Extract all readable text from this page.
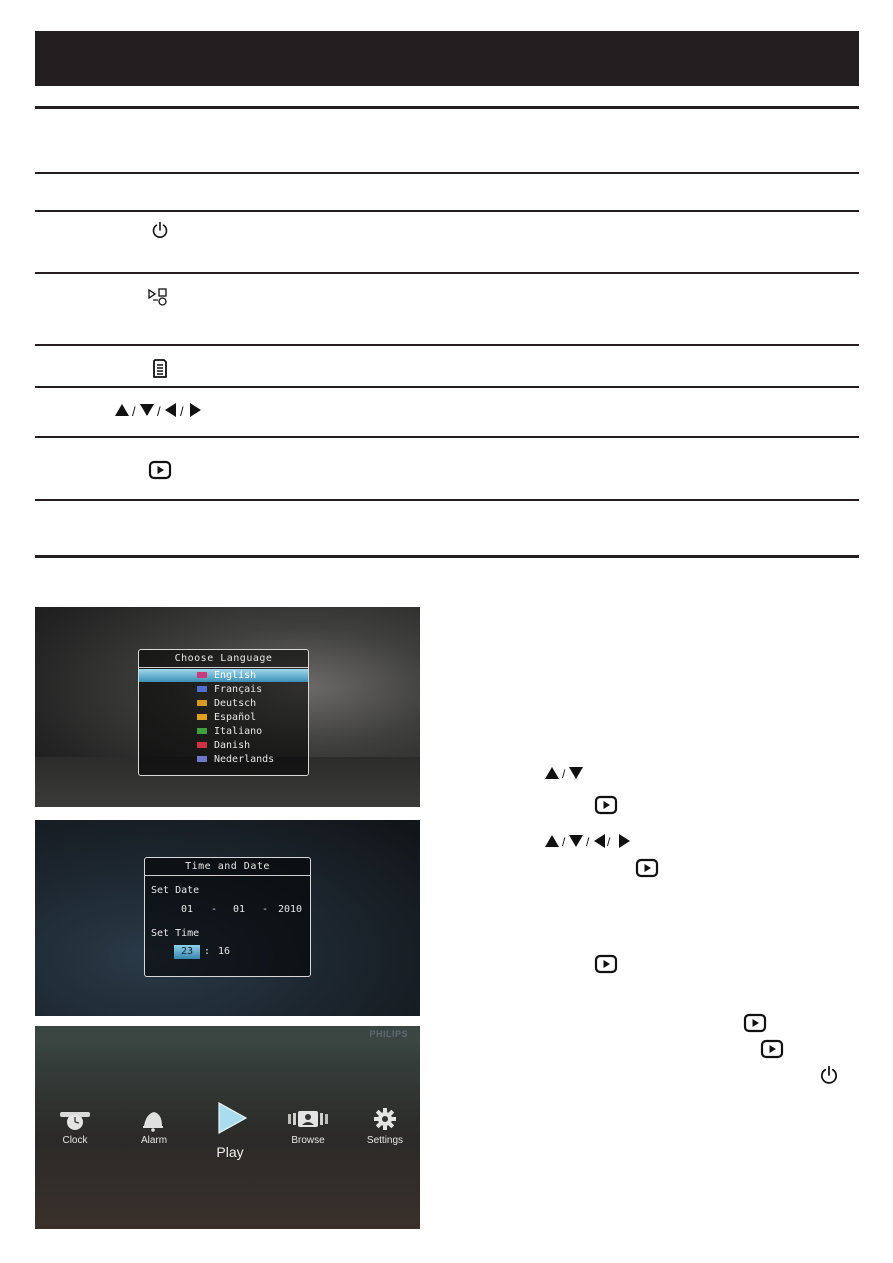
/ / /
Choose Language
English
Français
Deutsch
Español
Italiano
Danish
Nederlands
Time and Date
Set Date
01 - 01 - 2010
Set Time
23	: 16
PHILIPS
Clock	Alarm
Play
Browse	Settings
/
/ / /
